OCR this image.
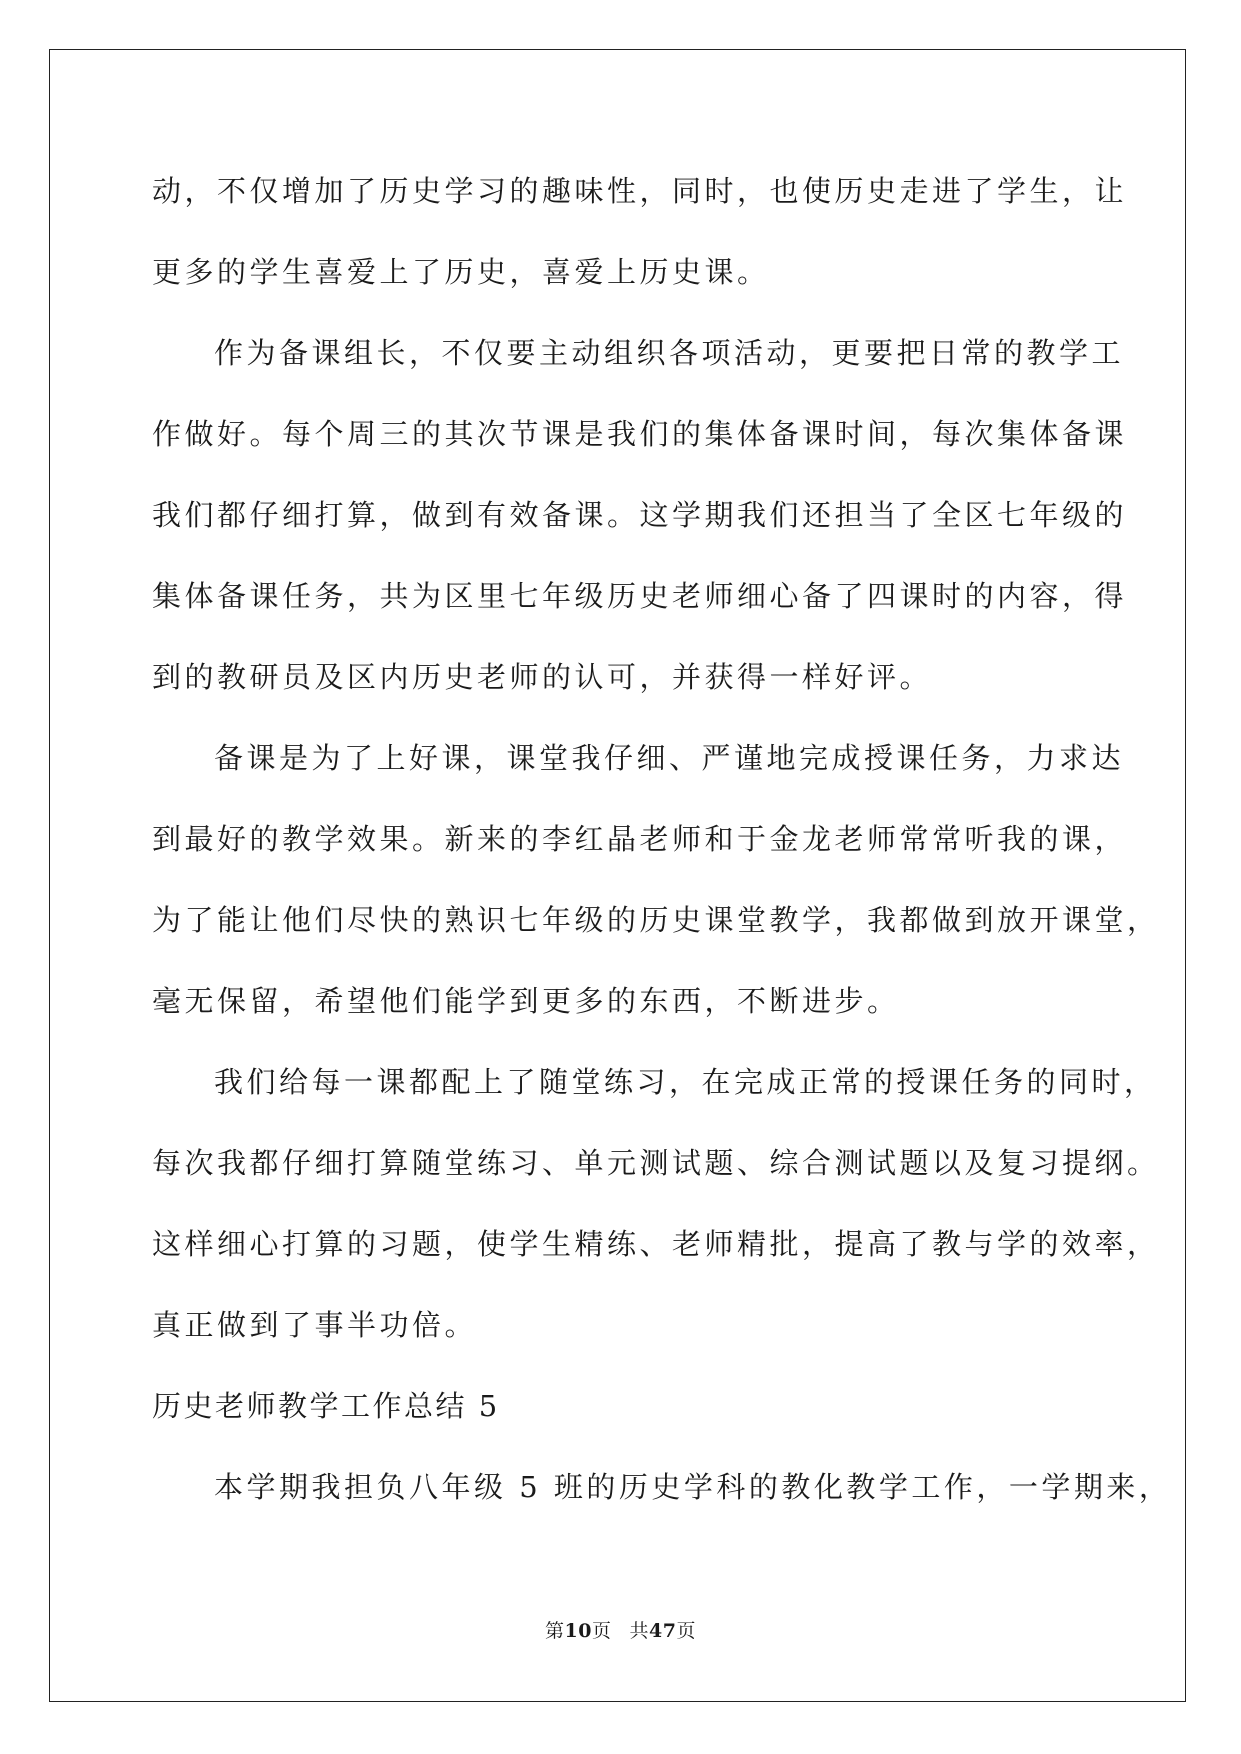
动，不仅增加了历史学习的趣味性，同时，也使历史走进了学生，让
更多的学生喜爱上了历史，喜爱上历史课。
作为备课组长，不仅要主动组织各项活动，更要把日常的教学工
作做好。每个周三的其次节课是我们的集体备课时间，每次集体备课
我们都仔细打算，做到有效备课。这学期我们还担当了全区七年级的
集体备课任务，共为区里七年级历史老师细心备了四课时的内容，得
到的教研员及区内历史老师的认可，并获得一样好评。
备课是为了上好课，课堂我仔细、严谨地完成授课任务，力求达
到最好的教学效果。新来的李红晶老师和于金龙老师常常听我的课，
为了能让他们尽快的熟识七年级的历史课堂教学，我都做到放开课堂，
毫无保留，希望他们能学到更多的东西，不断进步。
我们给每一课都配上了随堂练习，在完成正常的授课任务的同时，
每次我都仔细打算随堂练习、单元测试题、综合测试题以及复习提纲。
这样细心打算的习题，使学生精练、老师精批，提高了教与学的效率，
真正做到了事半功倍。
历史老师教学工作总结 5
本学期我担负八年级 5 班的历史学科的教化教学工作，一学期来，
第10页 共47页
